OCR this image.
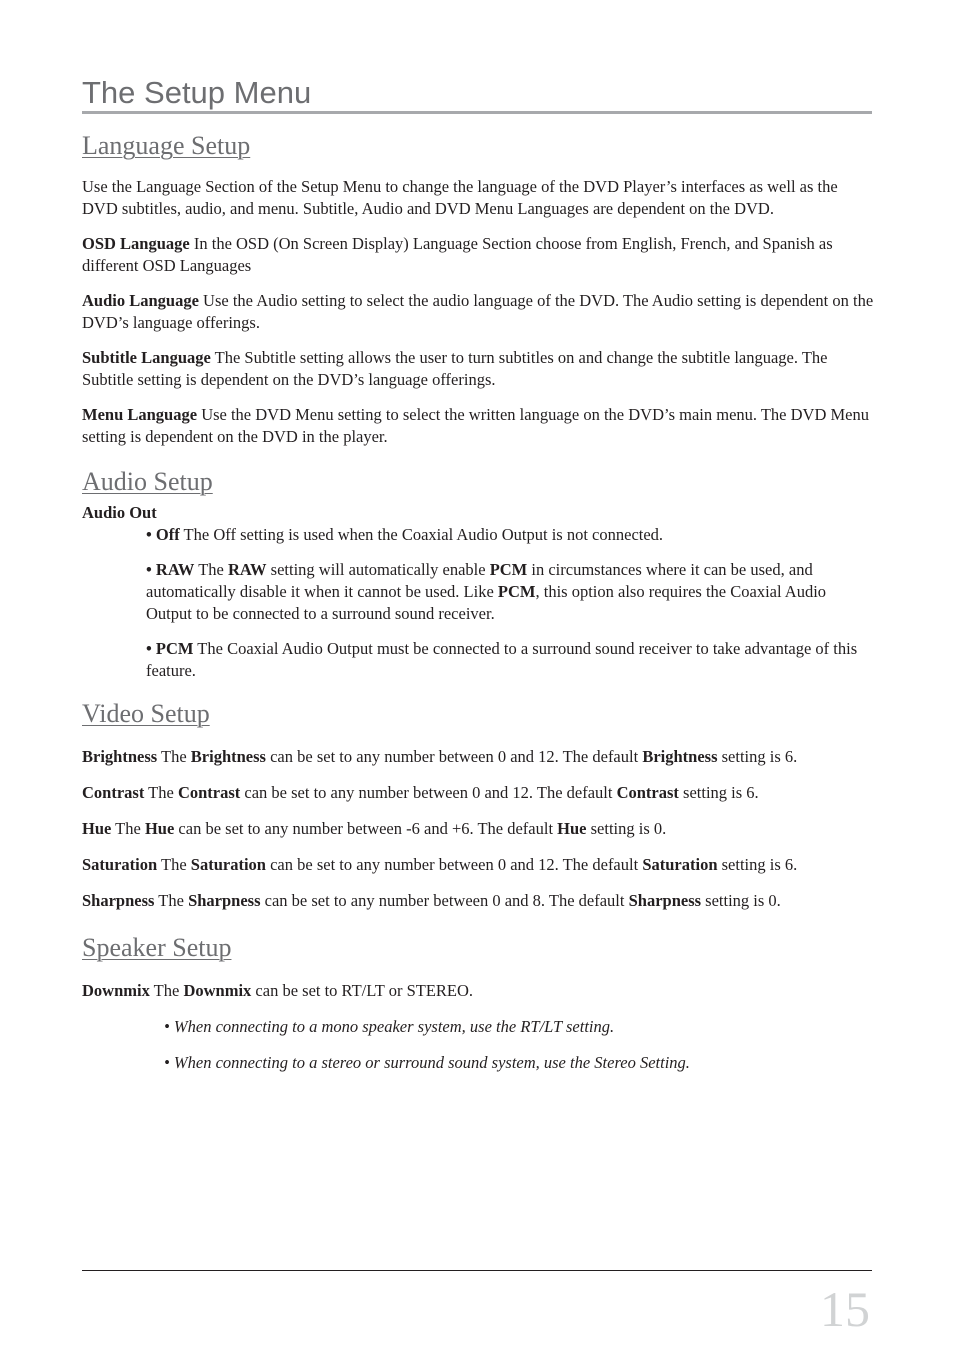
The Setup Menu
Language Setup

Use the Language Section of the Setup Menu to change the language of the DVD Player’s interfaces as well as the DVD subtitles, audio, and menu. Subtitle, Audio and DVD Menu Languages are dependent on the DVD.

OSD Language In the OSD (On Screen Display) Language Section choose from English, French, and Spanish as different OSD Languages

Audio Language Use the Audio setting to select the audio language of the DVD. The Audio setting is dependent on the DVD’s language offerings.

Subtitle Language The Subtitle setting allows the user to turn subtitles on and change the subtitle language. The Subtitle setting is dependent on the DVD’s language offerings.

Menu Language Use the DVD Menu setting to select the written language on the DVD’s main menu. The DVD Menu setting is dependent on the DVD in the player.

Audio Setup

Audio Out

• Off The Off setting is used when the Coaxial Audio Output is not connected.

• RAW The RAW setting will automatically enable PCM in circumstances where it can be used, and automatically disable it when it cannot be used. Like PCM, this option also requires the Coaxial Audio Output to be connected to a surround sound receiver.

• PCM The Coaxial Audio Output must be connected to a surround sound receiver to take advantage of this feature.

Video Setup

Brightness The Brightness can be set to any number between 0 and 12. The default Brightness setting is 6.

Contrast The Contrast can be set to any number between 0 and 12. The default Contrast setting is 6.

Hue The Hue can be set to any number between -6 and +6. The default Hue setting is 0.

Saturation The Saturation can be set to any number between 0 and 12. The default Saturation setting is 6.

Sharpness The Sharpness can be set to any number between 0 and 8. The default Sharpness setting is 0.

Speaker Setup

Downmix The Downmix can be set to RT/LT or STEREO.

• When connecting to a mono speaker system, use the RT/LT setting.

• When connecting to a stereo or surround sound system, use the Stereo Setting.

15
